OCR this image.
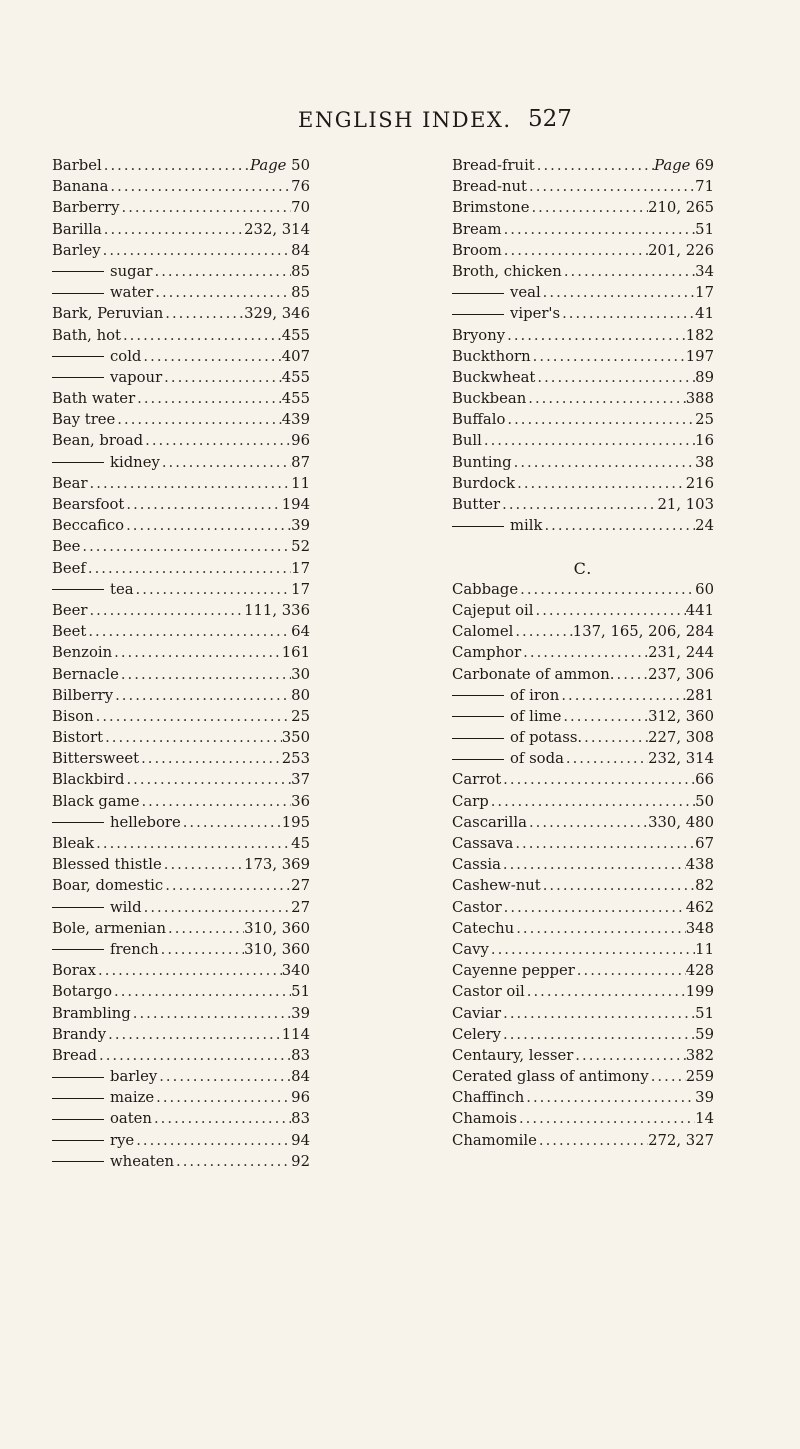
ENGLISH INDEX. 527
Barbel .....	Page 50
Banana .....	76
Barberry .....	70
Barilla .....	232, 314
Barley .....	84
sugar .....	85
water .....	85
Bark, Peruvian .....	329, 346
Bath, hot .....	455
cold .....	407
vapour .....	455
Bath water .....	455
Bay tree .....	439
Bean, broad .....	96
kidney .....	87
Bear .....	11
Bearsfoot .....	194
Beccafico .....	39
Bee .....	52
Beef .....	17
tea .....	17
Beer .....	111, 336
Beet .....	64
Benzoin .....	161
Bernacle .....	30
Bilberry .....	80
Bison .....	25
Bistort .....	350
Bittersweet .....	253
Blackbird .....	37
Black game .....	36
hellebore .....	195
Bleak .....	45
Blessed thistle .....	173, 369
Boar, domestic .....	27
wild .....	27
Bole, armenian .....	310, 360
french .....	310, 360
Borax .....	340
Botargo .....	51
Brambling .....	39
Brandy .....	114
Bread .....	83
barley .....	84
maize .....	96
oaten .....	83
rye .....	94
wheaten .....	92
Bread-fruit .....	Page 69
Bread-nut .....	71
Brimstone .....	210, 265
Bream .....	51
Broom .....	201, 226
Broth, chicken .....	34
veal .....	17
viper's .....	41
Bryony .....	182
Buckthorn .....	197
Buckwheat .....	89
Buckbean .....	388
Buffalo .....	25
Bull .....	16
Bunting .....	38
Burdock .....	216
Butter .....	21, 103
milk .....	24
C.
Cabbage .....	60
Cajeput oil .....	441
Calomel .....	137, 165, 206, 284
Camphor .....	231, 244
Carbonate of ammon. ..... 237, 306
of iron .....	281
of lime .....	312, 360
of potass. .....	227, 308
of soda .....	232, 314
Carrot .....	66
Carp .....	50
Cascarilla .....	330, 480
Cassava .....	67
Cassia .....	438
Cashew-nut .....	82
Castor .....	462
Catechu .....	348
Cavy .....	11
Cayenne pepper .....	428
Castor oil .....	199
Caviar .....	51
Celery .....	59
Centaury, lesser .....	382
Cerated glass of antimony .....	259
Chaffinch .....	39
Chamois .....	14
Chamomile .....	272, 327
